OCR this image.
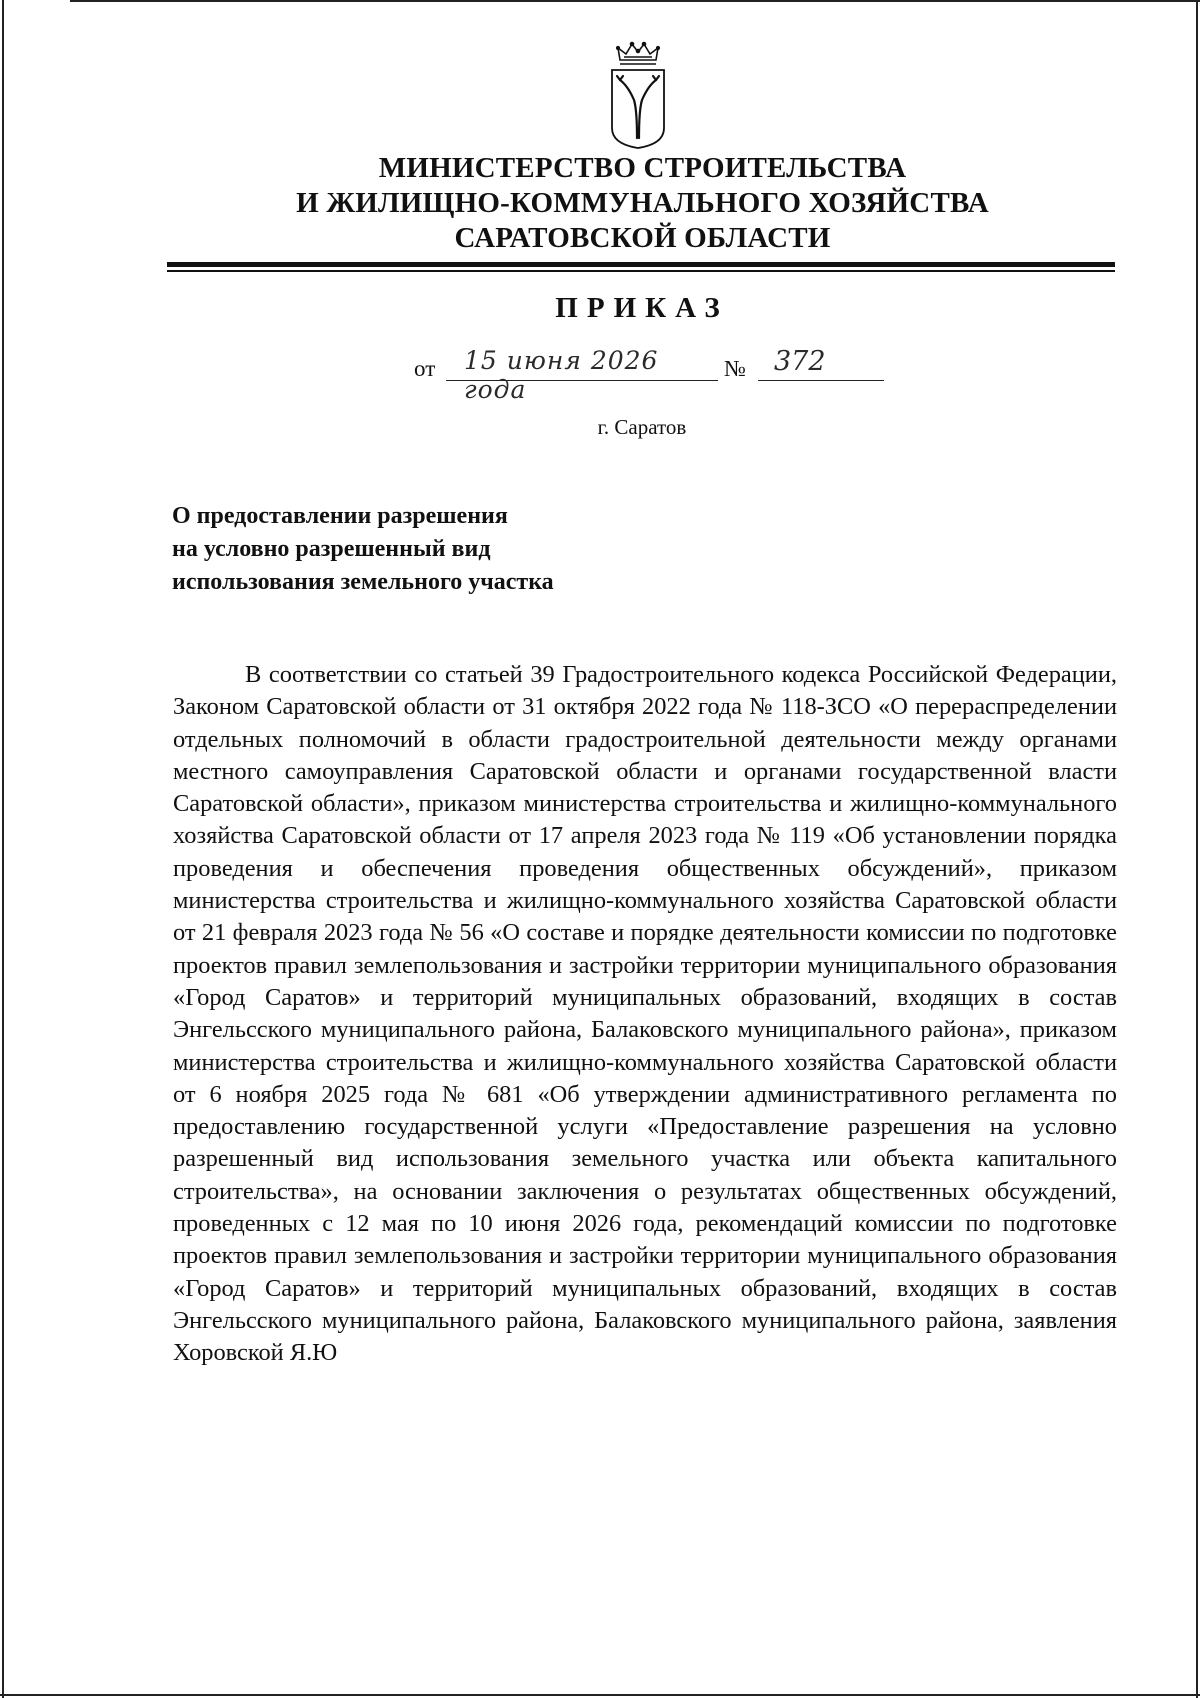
МИНИСТЕРСТВО СТРОИТЕЛЬСТВА
И ЖИЛИЩНО-КОММУНАЛЬНОГО ХОЗЯЙСТВА
САРАТОВСКОЙ ОБЛАСТИ
ПРИКАЗ
от 15 июня 2026 года
№ 372
г. Саратов
О предоставлении разрешения
на условно разрешенный вид
использования земельного участка

В соответствии со статьей 39 Градостроительного кодекса Российской Федерации, Законом Саратовской области от 31 октября 2022 года № 118-ЗСО «О перераспределении отдельных полномочий в области градостроительной деятельности между органами местного самоуправления Саратовской области и органами государственной власти Саратовской области», приказом министерства строительства и жилищно-коммунального хозяйства Саратовской области от 17 апреля 2023 года № 119 «Об установлении порядка проведения и обеспечения проведения общественных обсуждений», приказом министерства строительства и жилищно-коммунального хозяйства Саратовской области от 21 февраля 2023 года № 56 «О составе и порядке деятельности комиссии по подготовке проектов правил землепользования и застройки территории муниципального образования «Город Саратов» и территорий муниципальных образований, входящих в состав Энгельсского муниципального района, Балаковского муниципального района», приказом министерства строительства и жилищно-коммунального хозяйства Саратовской области от 6 ноября 2025 года № 681 «Об утверждении административного регламента по предоставлению государственной услуги «Предоставление разрешения на условно разрешенный вид использования земельного участка или объекта капитального строительства», на основании заключения о результатах общественных обсуждений, проведенных с 12 мая по 10 июня 2026 года, рекомендаций комиссии по подготовке проектов правил землепользования и застройки территории муниципального образования «Город Саратов» и территорий муниципальных образований, входящих в состав Энгельсского муниципального района, Балаковского муниципального района, заявления Хоровской Я.Ю
